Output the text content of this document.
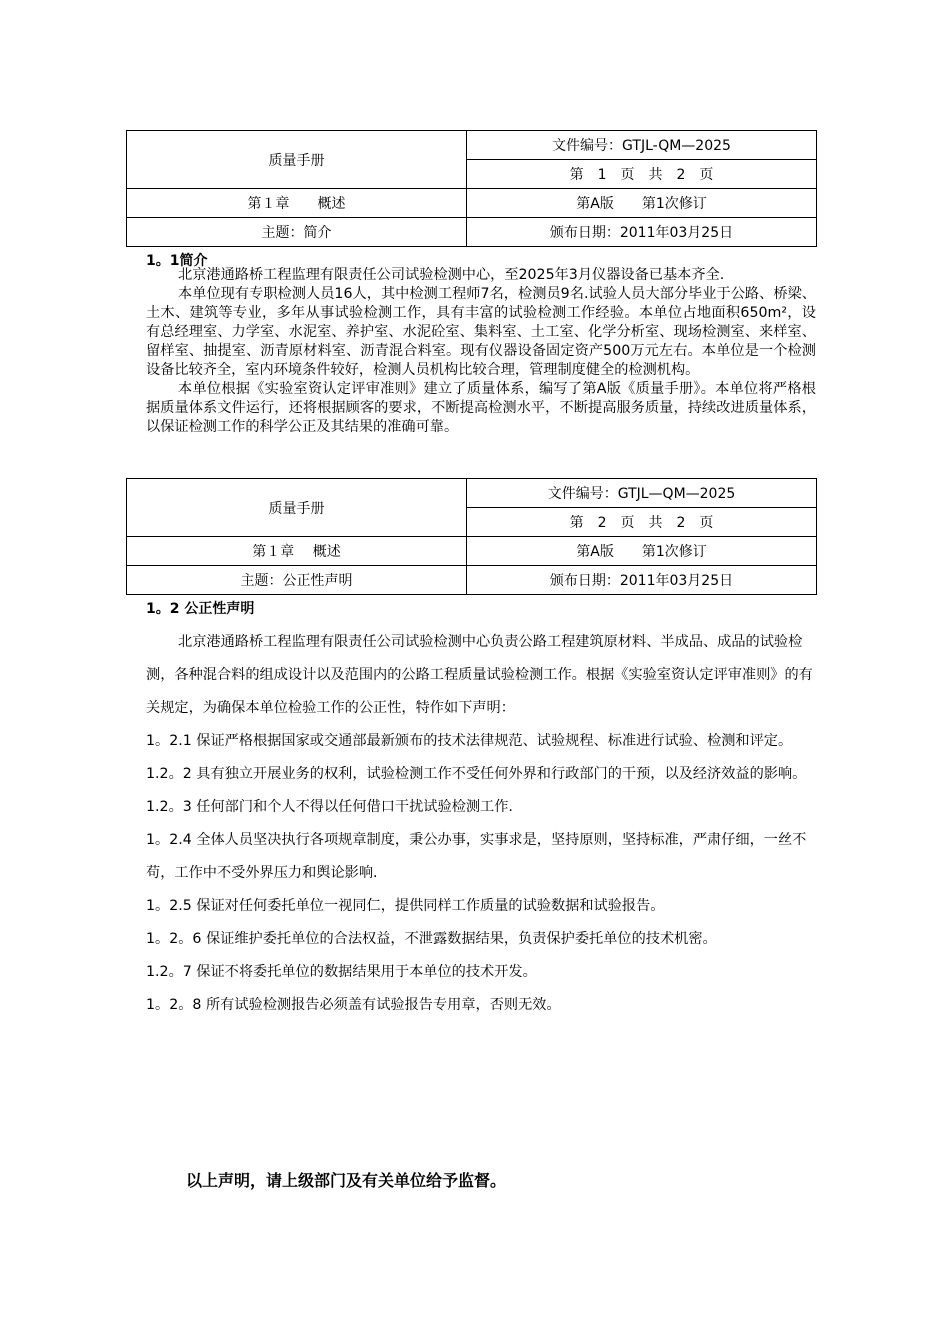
质量手册	文件编号：GTJL-QM—2025
	第　1　页　共　2　页
第１章　　概述	第A版　　第1次修订
主题：简介	颁布日期：2011年03月25日
1。1简介

北京港通路桥工程监理有限责任公司试验检测中心，至2025年3月仪器设备已基本齐全.

本单位现有专职检测人员16人，其中检测工程师7名，检测员9名.试验人员大部分毕业于公路、桥梁、土木、建筑等专业，多年从事试验检测工作，具有丰富的试验检测工作经验。本单位占地面积650m²，设有总经理室、力学室、水泥室、养护室、水泥砼室、集料室、土工室、化学分析室、现场检测室、来样室、留样室、抽提室、沥青原材料室、沥青混合料室。现有仪器设备固定资产500万元左右。本单位是一个检测设备比较齐全，室内环境条件较好，检测人员机构比较合理，管理制度健全的检测机构。

本单位根据《实验室资认定评审准则》建立了质量体系，编写了第A版《质量手册》。本单位将严格根据质量体系文件运行，还将根据顾客的要求，不断提高检测水平，不断提高服务质量，持续改进质量体系，以保证检测工作的科学公正及其结果的准确可靠。

质量手册	文件编号：GTJL—QM—2025
	第　2　页　共　2　页
第１章　 概述	第A版　　第1次修订
主题：公正性声明	颁布日期：2011年03月25日
1。2 公正性声明

北京港通路桥工程监理有限责任公司试验检测中心负责公路工程建筑原材料、半成品、成品的试验检测，各种混合料的组成设计以及范围内的公路工程质量试验检测工作。根据《实验室资认定评审准则》的有关规定，为确保本单位检验工作的公正性，特作如下声明：

1。2.1 保证严格根据国家或交通部最新颁布的技术法律规范、试验规程、标准进行试验、检测和评定。

1.2。2 具有独立开展业务的权利，试验检测工作不受任何外界和行政部门的干预，以及经济效益的影响。

1.2。3 任何部门和个人不得以任何借口干扰试验检测工作.

1。2.4 全体人员坚决执行各项规章制度，秉公办事，实事求是，坚持原则，坚持标准，严肃仔细，一丝不苟，工作中不受外界压力和舆论影响.

1。2.5 保证对任何委托单位一视同仁，提供同样工作质量的试验数据和试验报告。

1。2。6 保证维护委托单位的合法权益，不泄露数据结果，负责保护委托单位的技术机密。

1.2。7 保证不将委托单位的数据结果用于本单位的技术开发。

1。2。8 所有试验检测报告必须盖有试验报告专用章，否则无效。

以上声明，请上级部门及有关单位给予监督。
